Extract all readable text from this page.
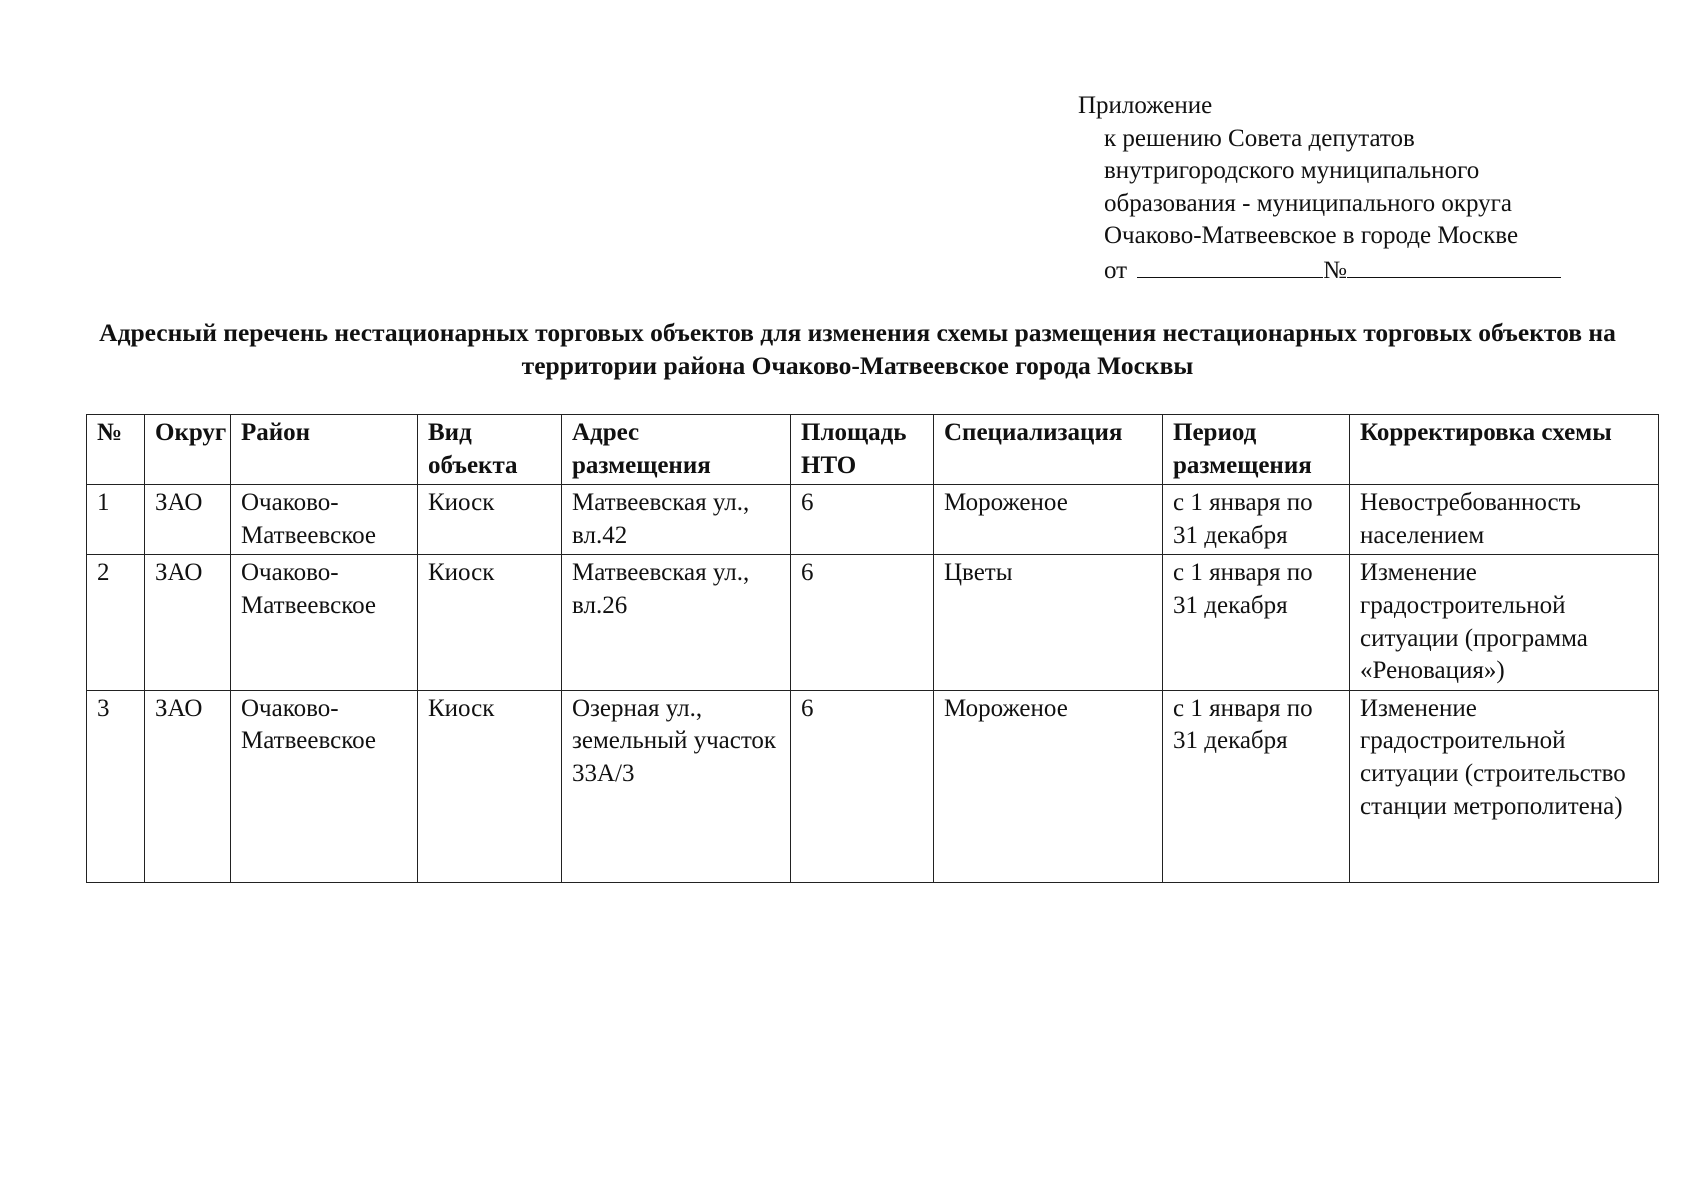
Приложение
к решению Совета депутатов
внутригородского муниципального
образования - муниципального округа
Очаково-Матвеевское в городе Москве
от	№
Адресный перечень нестационарных торговых объектов для изменения схемы размещения нестационарных торговых объектов на территории района Очаково-Матвеевское города Москвы
№	Округ	Район	Вид объекта	Адрес размещения	Площадь НТО	Специализация	Период размещения	Корректировка схемы
1	ЗАО	Очаково-Матвеевское	Киоск	Матвеевская ул., вл.42	6	Мороженое	с 1 января по 31 декабря	Невостребованность населением
2	ЗАО	Очаково-Матвеевское	Киоск	Матвеевская ул., вл.26	6	Цветы	с 1 января по 31 декабря	Изменение градостроительной ситуации (программа «Реновация»)
3	ЗАО	Очаково-Матвеевское	Киоск	Озерная ул., земельный участок 33А/3	6	Мороженое	с 1 января по 31 декабря	Изменение градостроительной ситуации (строительство станции метрополитена)
